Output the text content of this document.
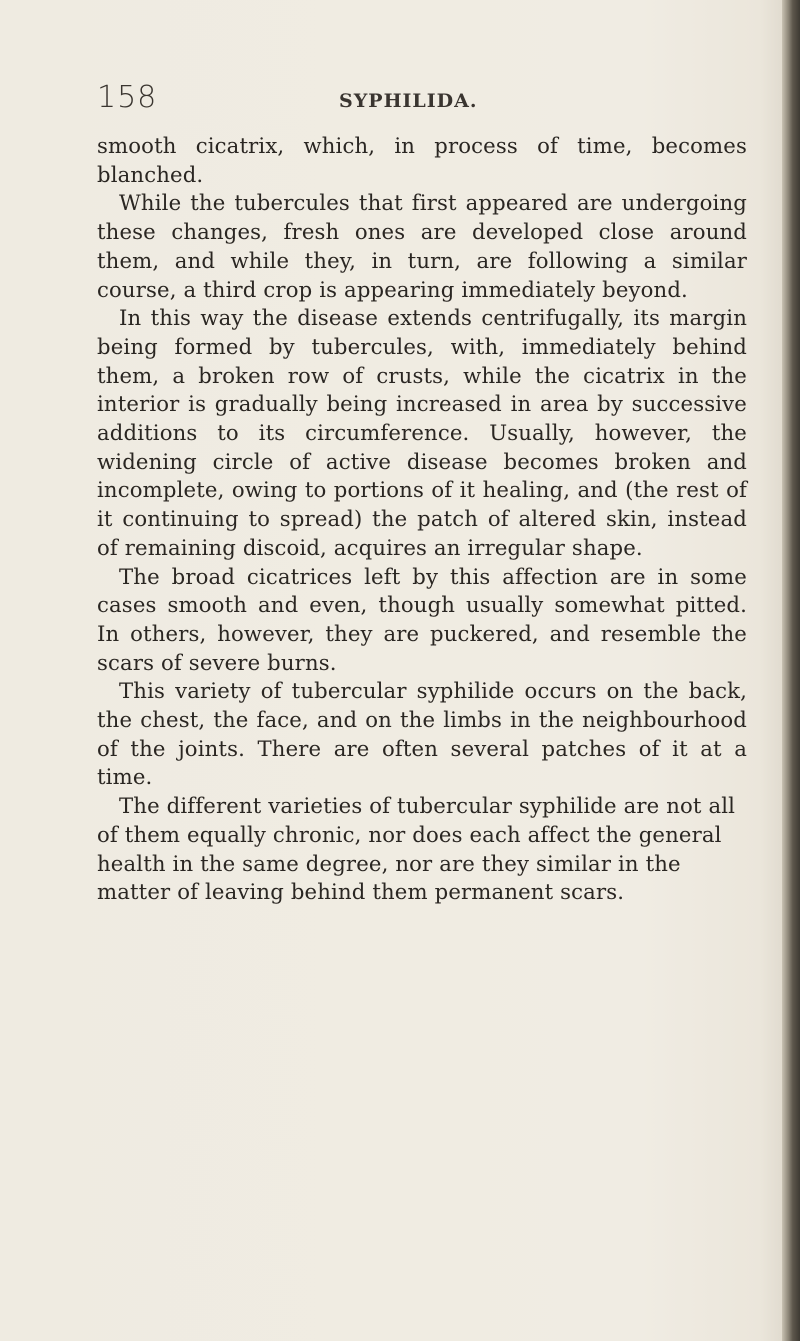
158	SYPHILIDA.

smooth cicatrix, which, in process of time, becomes blanched.

While the tubercules that first appeared are undergoing these changes, fresh ones are developed close around them, and while they, in turn, are following a similar course, a third crop is appearing immediately beyond.

In this way the disease extends centrifugally, its margin being formed by tubercules, with, immediately behind them, a broken row of crusts, while the cicatrix in the interior is gradually being increased in area by successive additions to its circumference. Usually, however, the widening circle of active disease becomes broken and incomplete, owing to portions of it healing, and (the rest of it continuing to spread) the patch of altered skin, instead of remaining discoid, acquires an irregular shape.

The broad cicatrices left by this affection are in some cases smooth and even, though usually somewhat pitted. In others, however, they are puckered, and resemble the scars of severe burns.

This variety of tubercular syphilide occurs on the back, the chest, the face, and on the limbs in the neighbourhood of the joints. There are often several patches of it at a time.

The different varieties of tubercular syphilide are not all of them equally chronic, nor does each affect the general health in the same degree, nor are they similar in the matter of leaving behind them permanent scars.
